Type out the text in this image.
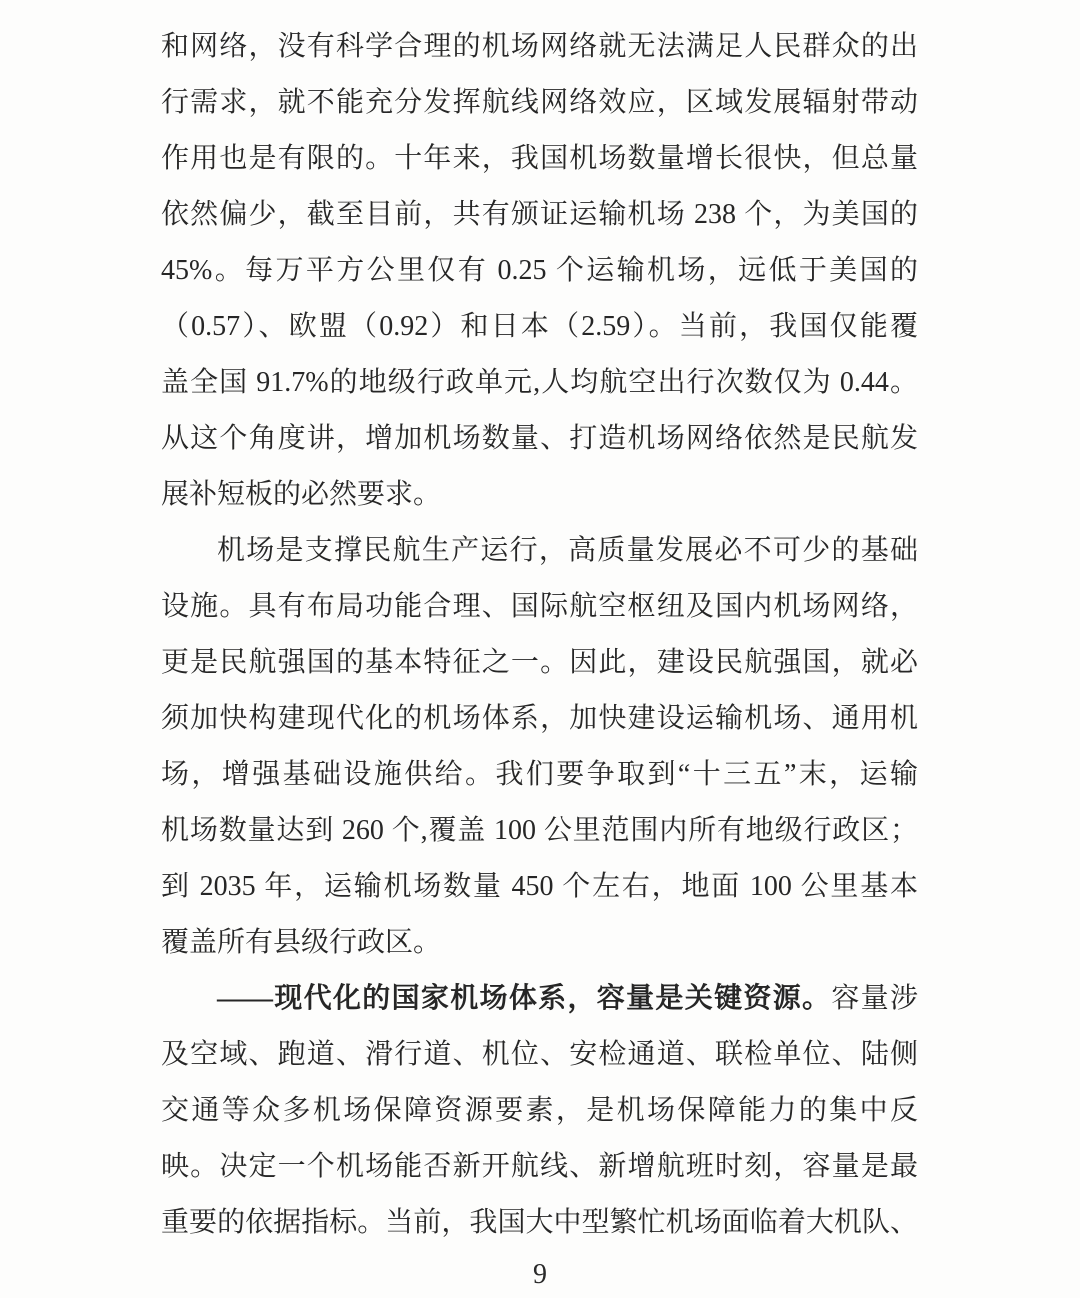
和网络，没有科学合理的机场网络就无法满足人民群众的出
行需求，就不能充分发挥航线网络效应，区域发展辐射带动
作用也是有限的。十年来，我国机场数量增长很快，但总量
依然偏少，截至目前，共有颁证运输机场 238 个，为美国的
45%。每万平方公里仅有 0.25 个运输机场，远低于美国的
（0.57）、欧盟（0.92）和日本（2.59）。当前，我国仅能覆
盖全国 91.7%的地级行政单元,人均航空出行次数仅为 0.44。
从这个角度讲，增加机场数量、打造机场网络依然是民航发
展补短板的必然要求。
机场是支撑民航生产运行，高质量发展必不可少的基础
设施。具有布局功能合理、国际航空枢纽及国内机场网络，
更是民航强国的基本特征之一。因此，建设民航强国，就必
须加快构建现代化的机场体系，加快建设运输机场、通用机
场，增强基础设施供给。我们要争取到“十三五”末，运输
机场数量达到 260 个,覆盖 100 公里范围内所有地级行政区；
到 2035 年，运输机场数量 450 个左右，地面 100 公里基本
覆盖所有县级行政区。
——现代化的国家机场体系，容量是关键资源。容量涉
及空域、跑道、滑行道、机位、安检通道、联检单位、陆侧
交通等众多机场保障资源要素，是机场保障能力的集中反
映。决定一个机场能否新开航线、新增航班时刻，容量是最
重要的依据指标。当前，我国大中型繁忙机场面临着大机队、
9
